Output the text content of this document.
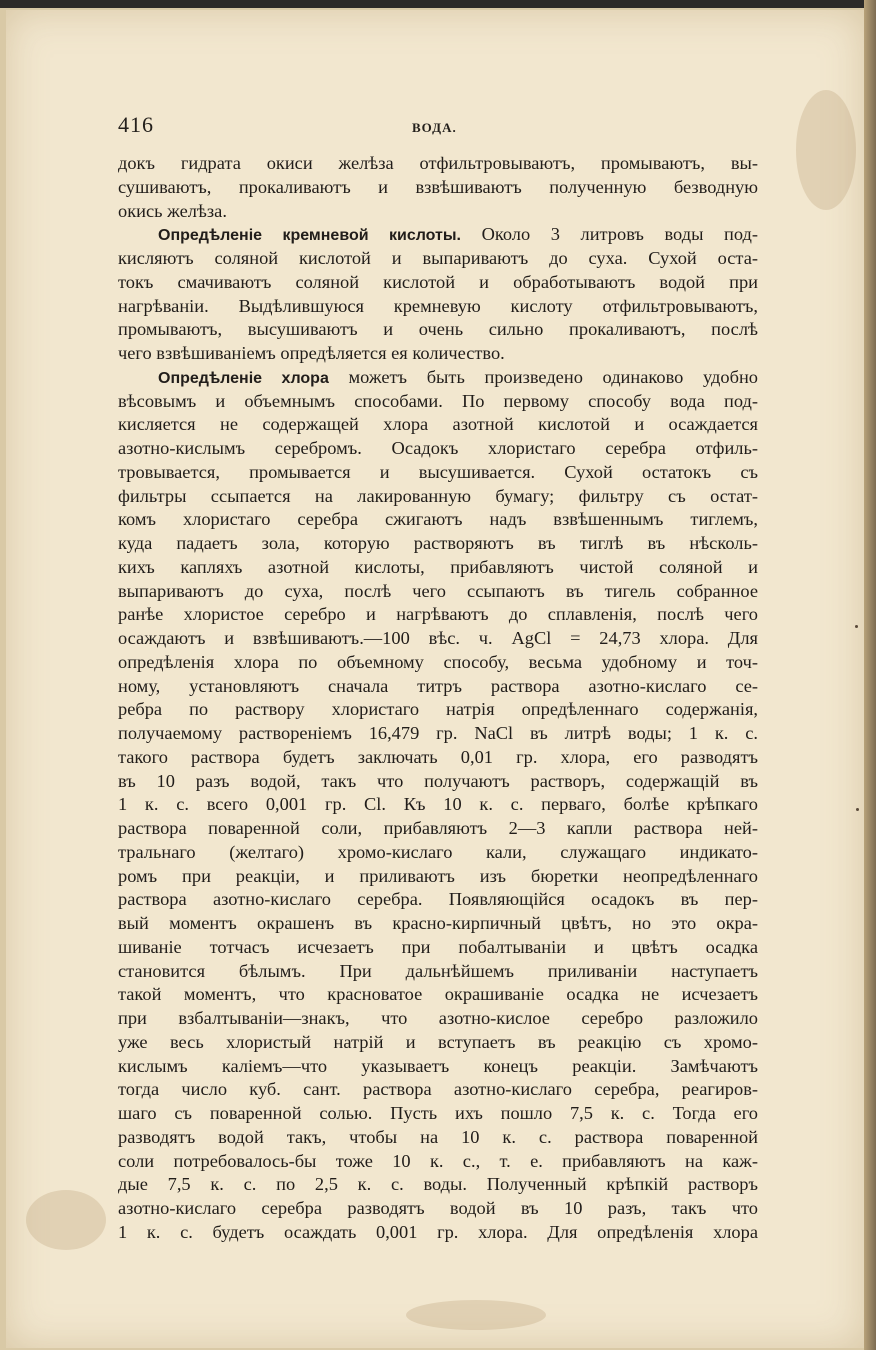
416	ВОДА.
докъ гидрата окиси желѣза отфильтровываютъ, промываютъ, вы-
сушиваютъ, прокаливаютъ и взвѣшиваютъ полученную безводную
окись желѣза.
Опредѣленіе кремневой кислоты. Около 3 литровъ воды под-
кисляютъ соляной кислотой и выпариваютъ до суха. Сухой оста-
токъ смачиваютъ соляной кислотой и обработываютъ водой при
нагрѣваніи. Выдѣлившуюся кремневую кислоту отфильтровываютъ,
промываютъ, высушиваютъ и очень сильно прокаливаютъ, послѣ
чего взвѣшиваніемъ опредѣляется ея количество.
Опредѣленіе хлора можетъ быть произведено одинаково удобно
вѣсовымъ и объемнымъ способами. По первому способу вода под-
кисляется не содержащей хлора азотной кислотой и осаждается
азотно-кислымъ серебромъ. Осадокъ хлористаго серебра отфиль-
тровывается, промывается и высушивается. Сухой остатокъ съ
фильтры ссыпается на лакированную бумагу; фильтру съ остат-
комъ хлористаго серебра сжигаютъ надъ взвѣшеннымъ тиглемъ,
куда падаетъ зола, которую растворяютъ въ тиглѣ въ нѣсколь-
кихъ капляхъ азотной кислоты, прибавляютъ чистой соляной и
выпариваютъ до суха, послѣ чего ссыпаютъ въ тигель собранное
ранѣе хлористое серебро и нагрѣваютъ до сплавленія, послѣ чего
осаждаютъ и взвѣшиваютъ.—100 вѣс. ч. AgCl = 24,73 хлора. Для
опредѣленія хлора по объемному способу, весьма удобному и точ-
ному, установляютъ сначала титръ раствора азотно-кислаго се-
ребра по раствору хлористаго натрія опредѣленнаго содержанія,
получаемому раствореніемъ 16,479 гр. NaCl въ литрѣ воды; 1 к. с.
такого раствора будетъ заключать 0,01 гр. хлора, его разводятъ
въ 10 разъ водой, такъ что получаютъ растворъ, содержащій въ
1 к. с. всего 0,001 гр. Cl. Къ 10 к. с. перваго, болѣе крѣпкаго
раствора поваренной соли, прибавляютъ 2—3 капли раствора ней-
тральнаго (желтаго) хромо-кислаго кали, служащаго индикато-
ромъ при реакціи, и приливаютъ изъ бюретки неопредѣленнаго
раствора азотно-кислаго серебра. Появляющійся осадокъ въ пер-
вый моментъ окрашенъ въ красно-кирпичный цвѣтъ, но это окра-
шиваніе тотчасъ исчезаетъ при побалтываніи и цвѣтъ осадка
становится бѣлымъ. При дальнѣйшемъ приливаніи наступаетъ
такой моментъ, что красноватое окрашиваніе осадка не исчезаетъ
при взбалтываніи—знакъ, что азотно-кислое серебро разложило
уже весь хлористый натрій и вступаетъ въ реакцію съ хромо-
кислымъ каліемъ—что указываетъ конецъ реакціи. Замѣчаютъ
тогда число куб. сант. раствора азотно-кислаго серебра, реагиров-
шаго съ поваренной солью. Пусть ихъ пошло 7,5 к. с. Тогда его
разводятъ водой такъ, чтобы на 10 к. с. раствора поваренной
соли потребовалось-бы тоже 10 к. с., т. е. прибавляютъ на каж-
дые 7,5 к. с. по 2,5 к. с. воды. Полученный крѣпкій растворъ
азотно-кислаго серебра разводятъ водой въ 10 разъ, такъ что
1 к. с. будетъ осаждать 0,001 гр. хлора. Для опредѣленія хлора
